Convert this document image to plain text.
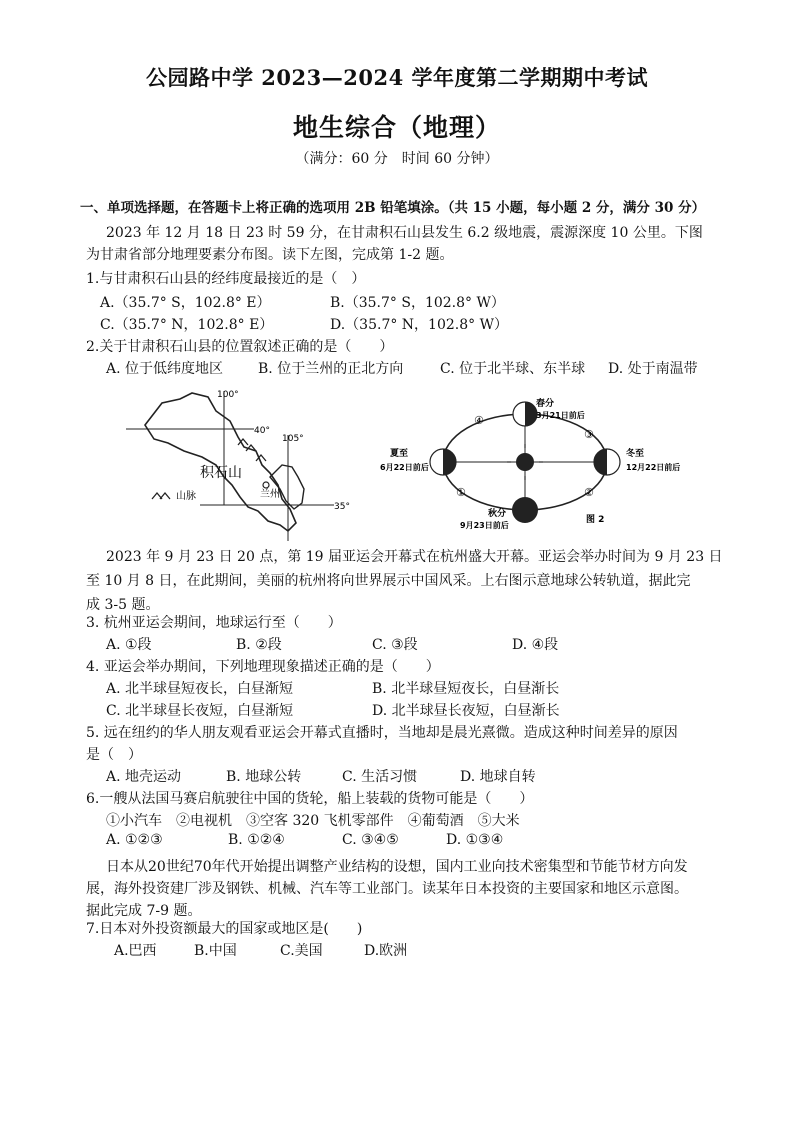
公园路中学 2023—2024 学年度第二学期期中考试
地生综合（地理）
（满分：60 分　时间 60 分钟）
一、单项选择题，在答题卡上将正确的选项用 2B 铅笔填涂。（共 15 小题，每小题 2 分，满分 30 分）
2023 年 12 月 18 日 23 时 59 分，在甘肃积石山县发生 6.2 级地震，震源深度 10 公里。下图
为甘肃省部分地理要素分布图。读下左图，完成第 1-2 题。
1.与甘肃积石山县的经纬度最接近的是（　）
A.（35.7° S，102.8° E）	B.（35.7° S，102.8° W）
C.（35.7° N，102.8° E）	D.（35.7° N，102.8° W）
2.关于甘肃积石山县的位置叙述正确的是（　　）
A. 位于低纬度地区 B. 位于兰州的正北方向	C. 位于北半球、东半球 D. 处于南温带
100°
105°
40°
35°
积石山
兰州
山脉
春分
3月21日前后
夏至
6月22日前后
冬至
12月22日前后
秋分
9月23日前后
①	②
③
④
图 2
2023 年 9 月 23 日 20 点，第 19 届亚运会开幕式在杭州盛大开幕。亚运会举办时间为 9 月 23 日
至 10 月 8 日，在此期间，美丽的杭州将向世界展示中国风采。上右图示意地球公转轨道，据此完
成 3-5 题。
3. 杭州亚运会期间，地球运行至（　　）
A. ①段	B. ②段	C. ③段	D. ④段
4. 亚运会举办期间，下列地理现象描述正确的是（　　）
A. 北半球昼短夜长，白昼渐短	B. 北半球昼短夜长，白昼渐长
C. 北半球昼长夜短，白昼渐短	D. 北半球昼长夜短，白昼渐长
5. 远在纽约的华人朋友观看亚运会开幕式直播时，当地却是晨光熹微。造成这种时间差异的原因
是（　）
A. 地壳运动	B. 地球公转	C. 生活习惯	D. 地球自转
6.一艘从法国马赛启航驶往中国的货轮，船上装载的货物可能是（　　）
①小汽车　②电视机　③空客 320 飞机零部件　④葡萄酒　⑤大米
A. ①②③	B. ①②④	C. ③④⑤	D. ①③④
日本从20世纪70年代开始提出调整产业结构的设想，国内工业向技术密集型和节能节材方向发
展，海外投资建厂涉及钢铁、机械、汽车等工业部门。读某年日本投资的主要国家和地区示意图。
据此完成 7-9 题。
7.日本对外投资额最大的国家或地区是(　　)
A.巴西	B.中国	C.美国	D.欧洲
